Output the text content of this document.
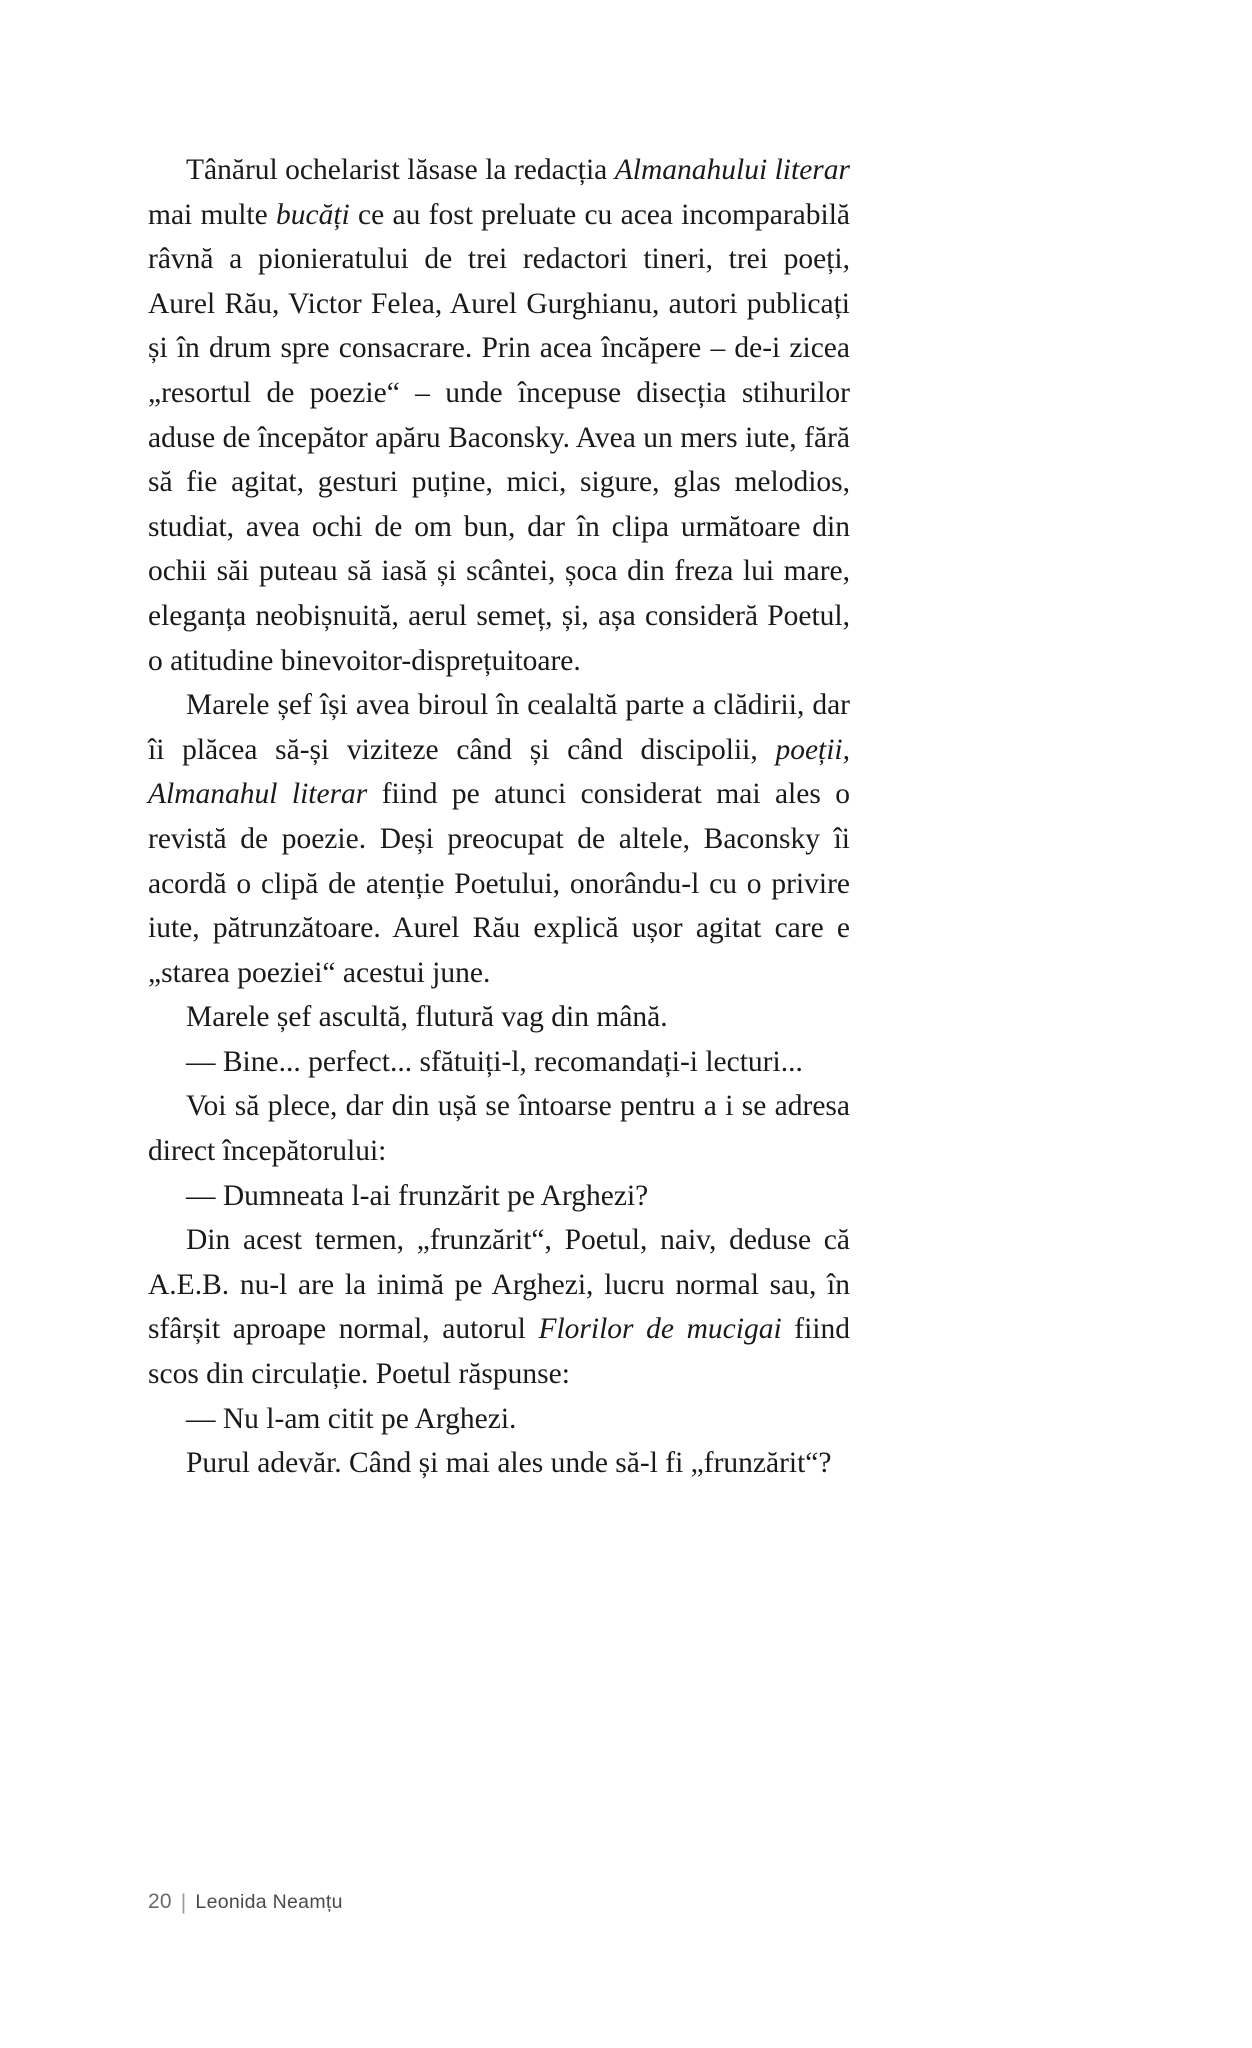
Tânărul ochelarist lăsase la redacția Almanahului literar mai multe bucăți ce au fost preluate cu acea incomparabilă râvnă a pionieratului de trei redactori tineri, trei poeți, Aurel Rău, Victor Felea, Aurel Gurghianu, autori publicați și în drum spre consacrare. Prin acea încăpere – de-i zicea „resortul de poezie“ – unde începuse disecția stihurilor aduse de începător apăru Baconsky. Avea un mers iute, fără să fie agitat, gesturi puține, mici, sigure, glas melodios, studiat, avea ochi de om bun, dar în clipa următoare din ochii săi puteau să iasă și scântei, șoca din freza lui mare, eleganța neobișnuită, aerul semeț, și, așa consideră Poetul, o atitudine binevoitor-disprețuitoare.

Marele șef își avea biroul în cealaltă parte a clădirii, dar îi plăcea să-și viziteze când și când discipolii, poeții, Almanahul literar fiind pe atunci considerat mai ales o revistă de poezie. Deși preocupat de altele, Baconsky îi acordă o clipă de atenție Poetului, onorându-l cu o privire iute, pătrunzătoare. Aurel Rău explică ușor agitat care e „starea poeziei“ acestui june.

Marele șef ascultă, flutură vag din mână.

— Bine... perfect... sfătuiți-l, recomandați-i lecturi...

Voi să plece, dar din ușă se întoarse pentru a i se adresa direct începătorului:

— Dumneata l-ai frunzărit pe Arghezi?

Din acest termen, „frunzărit“, Poetul, naiv, deduse că A.E.B. nu-l are la inimă pe Arghezi, lucru normal sau, în sfârșit aproape normal, autorul Florilor de mucigai fiind scos din circulație. Poetul răspunse:

— Nu l-am citit pe Arghezi.

Purul adevăr. Când și mai ales unde să-l fi „frunzărit“?

20 | Leonida Neamțu
